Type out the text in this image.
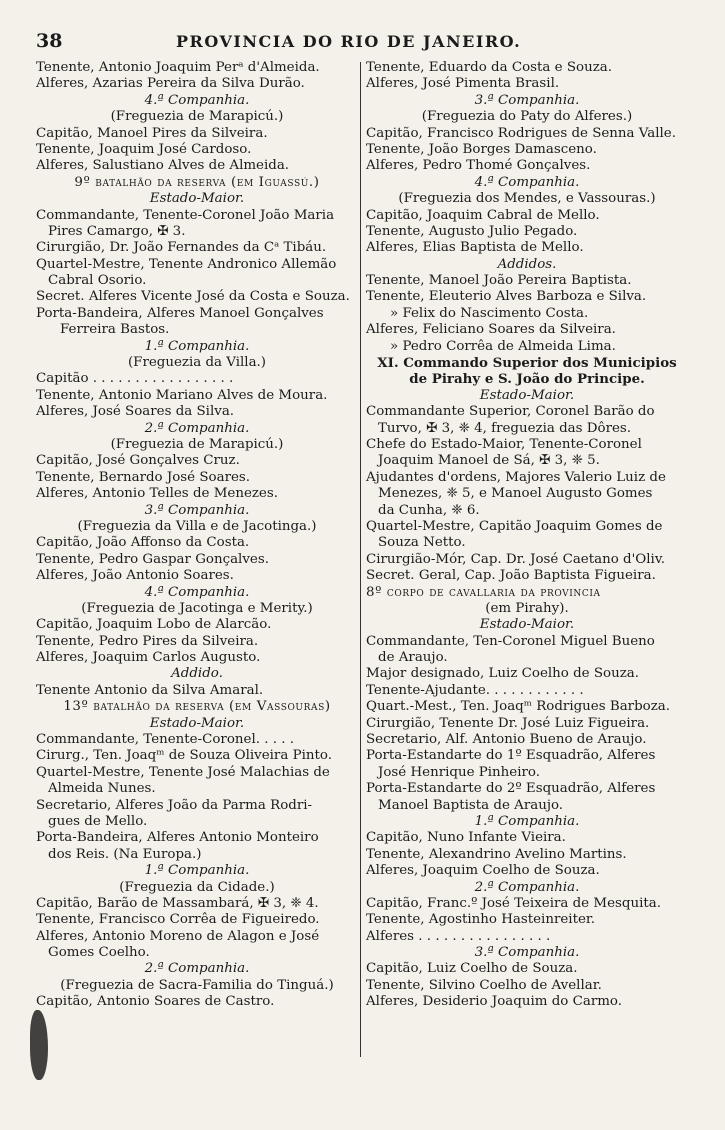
38	PROVINCIA DO RIO DE JANEIRO.
Tenente, Antonio Joaquim Perᵃ d'Almeida.
Alferes, Azarias Pereira da Silva Durão.
4.ª Companhia.
(Freguezia de Marapicú.)
Capitão, Manoel Pires da Silveira.
Tenente, Joaquim José Cardoso.
Alferes, Salustiano Alves de Almeida.
9º batalhão da reserva (em Iguassú.)
Estado-Maior.
Commandante, Tenente-Coronel João Maria
Pires Camargo, ✠ 3.
Cirurgião, Dr. João Fernandes da Cᵃ Tibáu.
Quartel-Mestre, Tenente Andronico Allemão
Cabral Osorio.
Secret. Alferes Vicente José da Costa e Souza.
Porta-Bandeira, Alferes Manoel Gonçalves
Ferreira Bastos.
1.ª Companhia.
(Freguezia da Villa.)
Capitão . . . . . . . . . . . . . . . . .
Tenente, Antonio Mariano Alves de Moura.
Alferes, José Soares da Silva.
2.ª Companhia.
(Freguezia de Marapicú.)
Capitão, José Gonçalves Cruz.
Tenente, Bernardo José Soares.
Alferes, Antonio Telles de Menezes.
3.ª Companhia.
(Freguezia da Villa e de Jacotinga.)
Capitão, João Affonso da Costa.
Tenente, Pedro Gaspar Gonçalves.
Alferes, João Antonio Soares.
4.ª Companhia.
(Freguezia de Jacotinga e Merity.)
Capitão, Joaquim Lobo de Alarcão.
Tenente, Pedro Pires da Silveira.
Alferes, Joaquim Carlos Augusto.
Addido.
Tenente Antonio da Silva Amaral.
13º batalhão da reserva (em Vassouras)
Estado-Maior.
Commandante, Tenente-Coronel. . . . .
Cirurg., Ten. Joaqᵐ de Souza Oliveira Pinto.
Quartel-Mestre, Tenente José Malachias de
Almeida Nunes.
Secretario, Alferes João da Parma Rodri-
gues de Mello.
Porta-Bandeira, Alferes Antonio Monteiro
dos Reis. (Na Europa.)
1.ª Companhia.
(Freguezia da Cidade.)
Capitão, Barão de Massambará, ✠ 3, ❈ 4.
Tenente, Francisco Corrêa de Figueiredo.
Alferes, Antonio Moreno de Alagon e José
Gomes Coelho.
2.ª Companhia.
(Freguezia de Sacra-Familia do Tinguá.)
Capitão, Antonio Soares de Castro.
Tenente, Eduardo da Costa e Souza.
Alferes, José Pimenta Brasil.
3.ª Companhia.
(Freguezia do Paty do Alferes.)
Capitão, Francisco Rodrigues de Senna Valle.
Tenente, João Borges Damasceno.
Alferes, Pedro Thomé Gonçalves.
4.ª Companhia.
(Freguezia dos Mendes, e Vassouras.)
Capitão, Joaquim Cabral de Mello.
Tenente, Augusto Julio Pegado.
Alferes, Elias Baptista de Mello.
Addidos.
Tenente, Manoel João Pereira Baptista.
Tenente, Eleuterio Alves Barboza e Silva.
» Felix do Nascimento Costa.
Alferes, Feliciano Soares da Silveira.
» Pedro Corrêa de Almeida Lima.
XI. Commando Superior dos Municipios
de Pirahy e S. João do Principe.
Estado-Maior.
Commandante Superior, Coronel Barão do
Turvo, ✠ 3, ❈ 4, freguezia das Dôres.
Chefe do Estado-Maior, Tenente-Coronel
Joaquim Manoel de Sá, ✠ 3, ❈ 5.
Ajudantes d'ordens, Majores Valerio Luiz de
Menezes, ❈ 5, e Manoel Augusto Gomes
da Cunha, ❈ 6.
Quartel-Mestre, Capitão Joaquim Gomes de
Souza Netto.
Cirurgião-Mór, Cap. Dr. José Caetano d'Oliv.
Secret. Geral, Cap. João Baptista Figueira.
8º corpo de cavallaria da provincia
(em Pirahy).
Estado-Maior.
Commandante, Ten-Coronel Miguel Bueno
de Araujo.
Major designado, Luiz Coelho de Souza.
Tenente-Ajudante. . . . . . . . . . . .
Quart.-Mest., Ten. Joaqᵐ Rodrigues Barboza.
Cirurgião, Tenente Dr. José Luiz Figueira.
Secretario, Alf. Antonio Bueno de Araujo.
Porta-Estandarte do 1º Esquadrão, Alferes
José Henrique Pinheiro.
Porta-Estandarte do 2º Esquadrão, Alferes
Manoel Baptista de Araujo.
1.ª Companhia.
Capitão, Nuno Infante Vieira.
Tenente, Alexandrino Avelino Martins.
Alferes, Joaquim Coelho de Souza.
2.ª Companhia.
Capitão, Franc.º José Teixeira de Mesquita.
Tenente, Agostinho Hasteinreiter.
Alferes . . . . . . . . . . . . . . . .
3.ª Companhia.
Capitão, Luiz Coelho de Souza.
Tenente, Silvino Coelho de Avellar.
Alferes, Desiderio Joaquim do Carmo.
